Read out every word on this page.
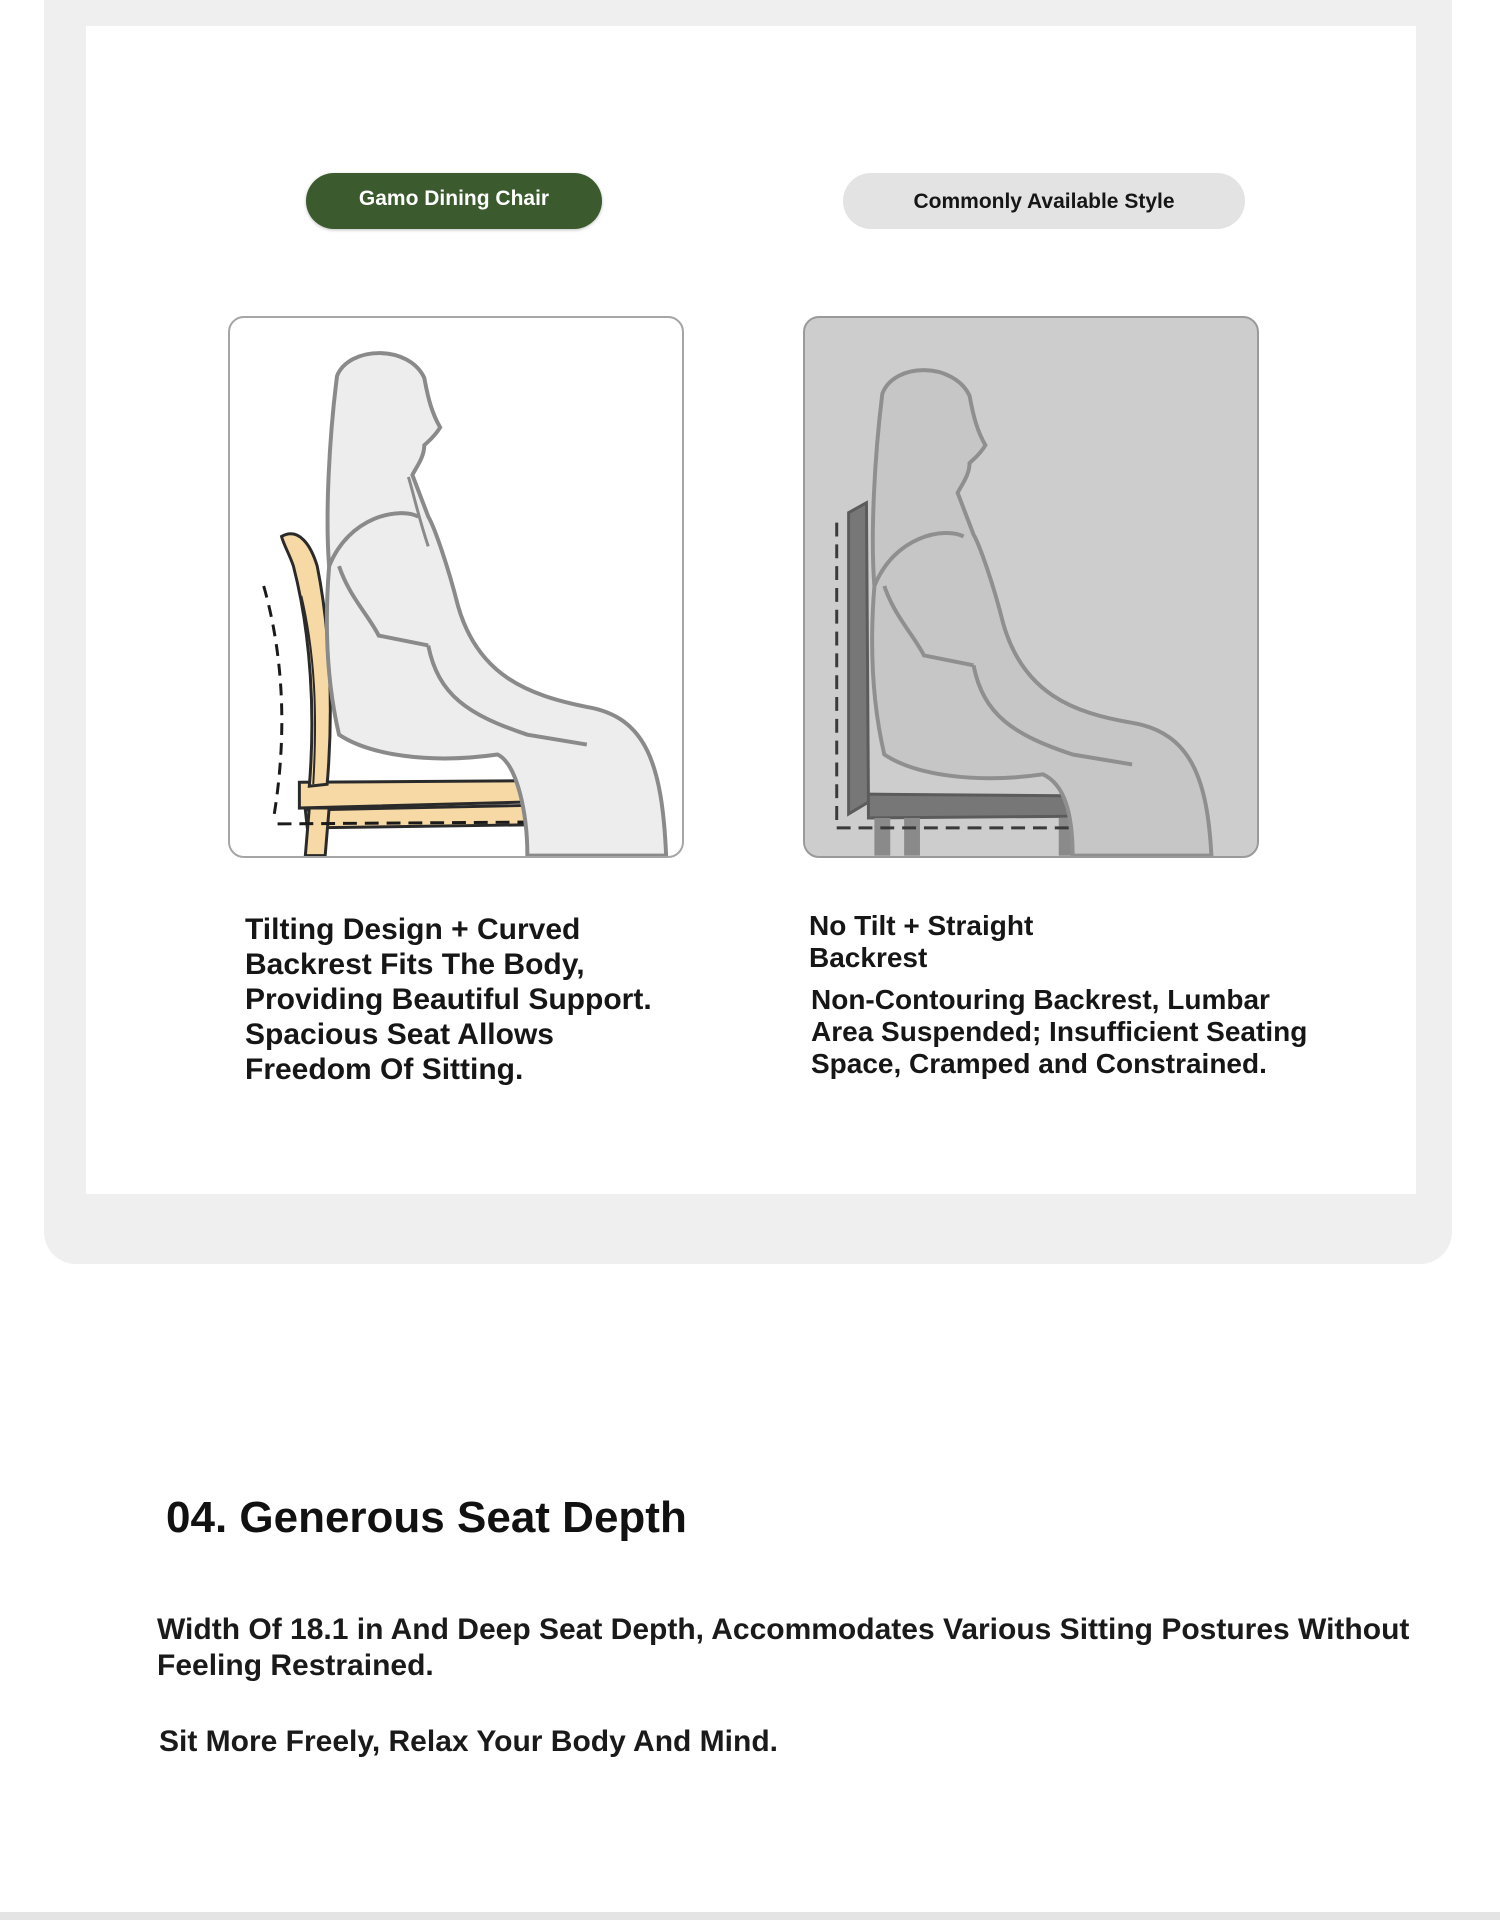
Gamo Dining Chair	Commonly Available Style
Tilting Design + Curved
Backrest Fits The Body,
Providing Beautiful Support.
Spacious Seat Allows
Freedom Of Sitting.
No Tilt + Straight
Backrest
Non-Contouring Backrest, Lumbar
Area Suspended; Insufficient Seating
Space, Cramped and Constrained.
04. Generous Seat Depth

Width Of 18.1 in And Deep Seat Depth, Accommodates Various Sitting Postures Without
Feeling Restrained.

Sit More Freely, Relax Your Body And Mind.
